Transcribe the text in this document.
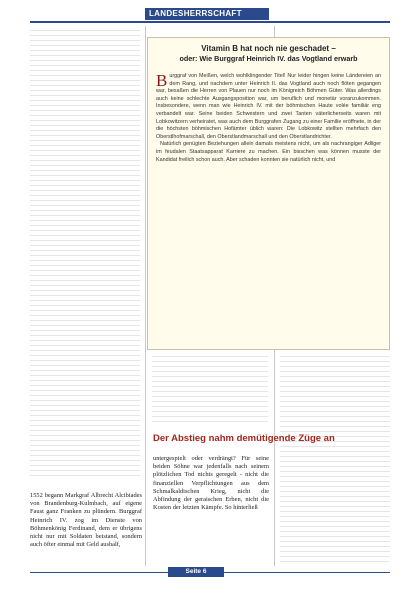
LANDESHERRSCHAFT
Vitamin B hat noch nie geschadet –
oder: Wie Burggraf Heinrich IV. das Vogtland erwarb

Burggraf von Meißen, welch wohlklingender Titel! Nur leider hingen keine Ländereien an dem Rang, und nachdem unter Heinrich II. das Vogtland auch noch flöten gegangen war, besaßen die Herren von Plauen nur noch im Königreich Böhmen Güter. Was allerdings auch keine schlechte Ausgangsposition war, um beruflich und monetär voranzukommen. Insbesondere, wenn man wie Heinrich IV. mit der böhmischen Haute volée familiär eng verbandelt war. Seine beiden Schwestern und zwei Tanten väterlicherseits waren mit Lobkowitzern verheiratet, was auch dem Burggrafen Zugang zu einer Familie eröffnete, in der die höchsten böhmischen Hofämter üblich waren: Die Lobkowitz stellten mehrfach den Oberstlhofmarschall, den Oberstlandmarschall und den Oberstlandrichter.

Natürlich genügten Beziehungen allein damals meistens nicht, um als nachrangiger Adliger im feudalen Staatsapparat Karriere zu machen. Ein bisschen was können musste der Kandidat freilich schon auch. Aber schaden konnten sie natürlich nicht, und

Der Abstieg nahm demütigende Züge an
1552 begann Markgraf Albrecht Alcibiades von Brandenburg-Kulmbach, auf eigene Faust ganz Franken zu plündern. Burggraf Heinrich IV. zog im Dienste von Böhmenkönig Ferdinand, dem er übrigens nicht nur mit Soldaten beistand, sondern auch öfter einmal mit Geld aushalf,
untergespielt oder verdrängt? Für seine beiden Söhne war jedenfalls nach seinem plötzlichen Tod nichts geregelt - nicht die finanziellen Verpflichtungen aus dem Schmalkaldischen Krieg, nicht die Abfindung der geraischen Erben, nicht die Kosten der letzten Kämpfe. So hinterließ
Seite 6
